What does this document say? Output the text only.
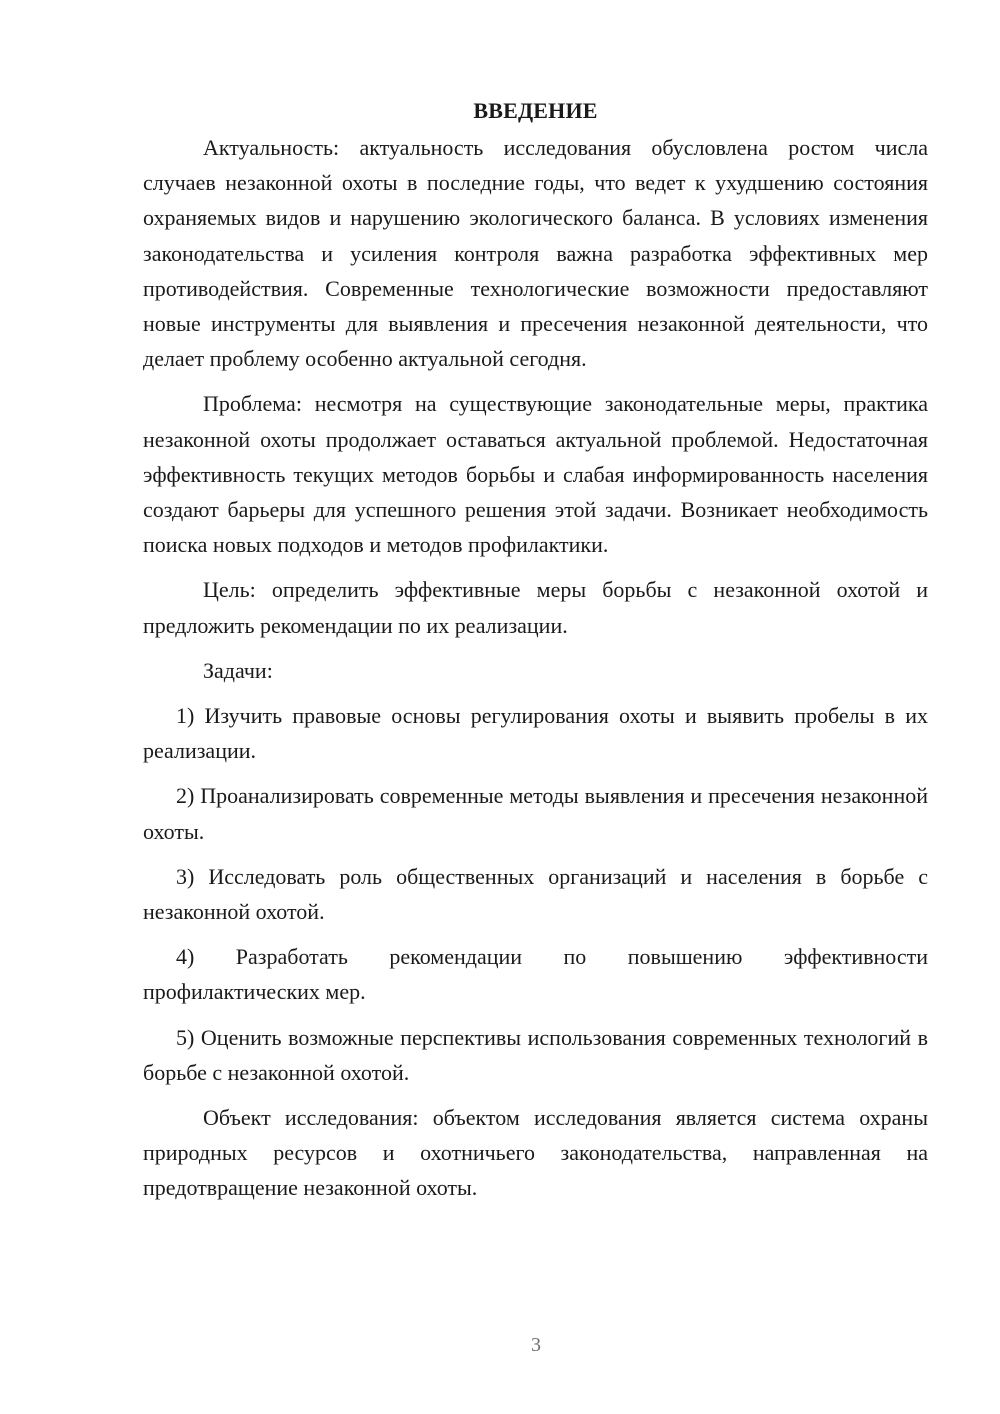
ВВЕДЕНИЕ

Актуальность: актуальность исследования обусловлена ростом числа случаев незаконной охоты в последние годы, что ведет к ухудшению состояния охраняемых видов и нарушению экологического баланса. В условиях изменения законодательства и усиления контроля важна разработка эффективных мер противодействия. Современные технологические возможности предоставляют новые инструменты для выявления и пресечения незаконной деятельности, что делает проблему особенно актуальной сегодня.

Проблема: несмотря на существующие законодательные меры, практика незаконной охоты продолжает оставаться актуальной проблемой. Недостаточная эффективность текущих методов борьбы и слабая информированность населения создают барьеры для успешного решения этой задачи. Возникает необходимость поиска новых подходов и методов профилактики.

Цель: определить эффективные меры борьбы с незаконной охотой и предложить рекомендации по их реализации.

Задачи:

1) Изучить правовые основы регулирования охоты и выявить пробелы в их реализации.

2) Проанализировать современные методы выявления и пресечения незаконной охоты.

3) Исследовать роль общественных организаций и населения в борьбе с незаконной охотой.

4) Разработать рекомендации по повышению эффективности профилактических мер.

5) Оценить возможные перспективы использования современных технологий в борьбе с незаконной охотой.

Объект исследования: объектом исследования является система охраны природных ресурсов и охотничьего законодательства, направленная на предотвращение незаконной охоты.

3
